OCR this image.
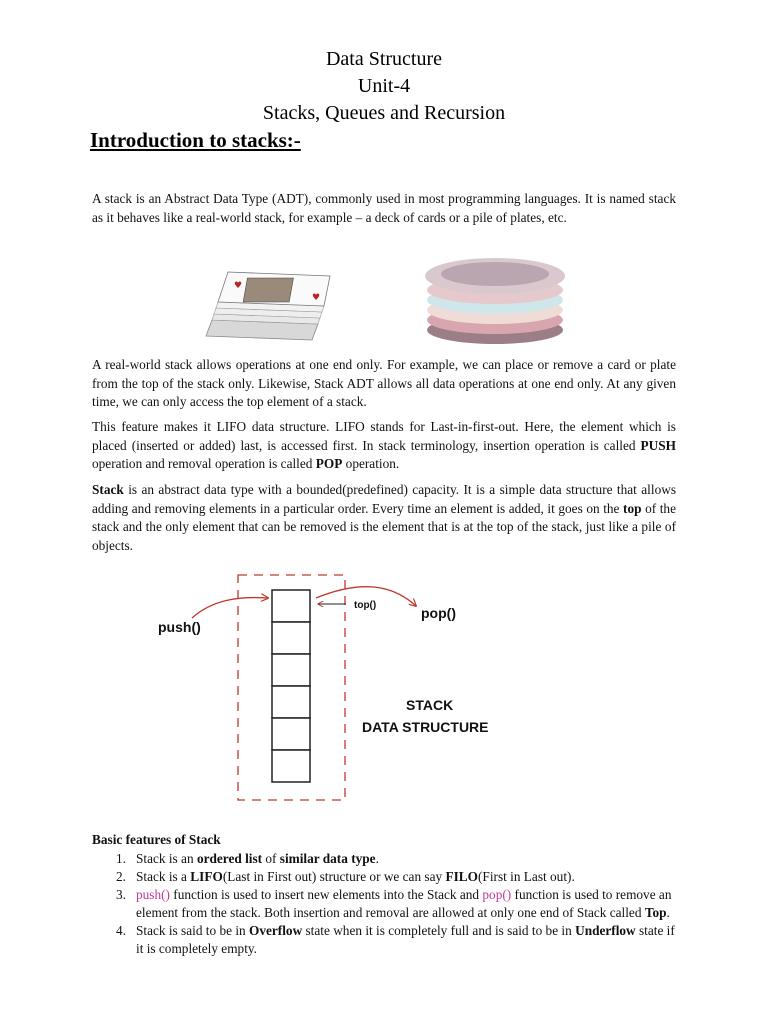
Data Structure
Unit-4
Stacks, Queues and Recursion
Introduction to stacks:-
A stack is an Abstract Data Type (ADT), commonly used in most programming languages. It is named stack as it behaves like a real-world stack, for example – a deck of cards or a pile of plates, etc.
♥
♥
A real-world stack allows operations at one end only. For example, we can place or remove a card or plate from the top of the stack only. Likewise, Stack ADT allows all data operations at one end only. At any given time, we can only access the top element of a stack.
This feature makes it LIFO data structure. LIFO stands for Last-in-first-out. Here, the element which is placed (inserted or added) last, is accessed first. In stack terminology, insertion operation is called PUSH operation and removal operation is called POP operation.
Stack is an abstract data type with a bounded(predefined) capacity. It is a simple data structure that allows adding and removing elements in a particular order. Every time an element is added, it goes on the top of the stack and the only element that can be removed is the element that is at the top of the stack, just like a pile of objects.
push()
top()	pop()
STACK
DATA STRUCTURE
Basic features of Stack
1. Stack is an ordered list of similar data type.
2. Stack is a LIFO(Last in First out) structure or we can say FILO(First in Last out).
3. push() function is used to insert new elements into the Stack and pop() function is used to remove an element from the stack. Both insertion and removal are allowed at only one end of Stack called Top.
4. Stack is said to be in Overflow state when it is completely full and is said to be in Underflow state if it is completely empty.
